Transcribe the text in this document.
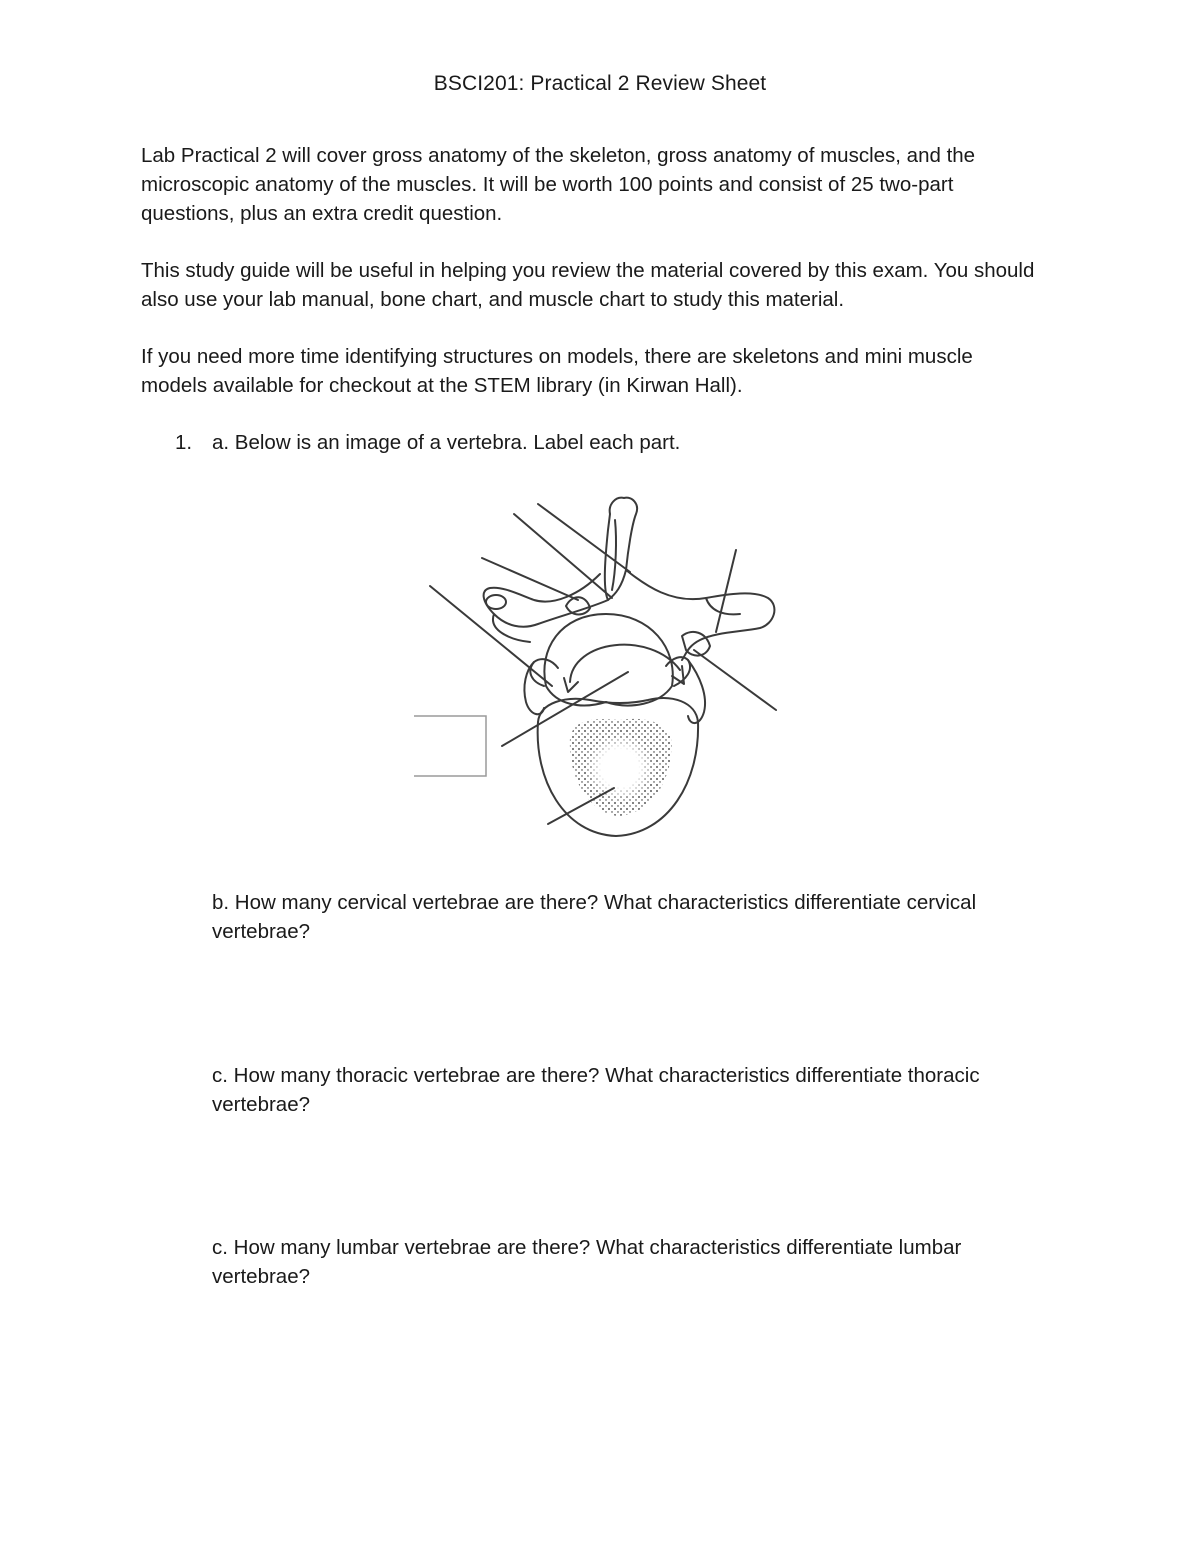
BSCI201: Practical 2 Review Sheet
Lab Practical 2 will cover gross anatomy of the skeleton, gross anatomy of muscles, and the microscopic anatomy of the muscles. It will be worth 100 points and consist of 25 two-part questions, plus an extra credit question.
This study guide will be useful in helping you review the material covered by this exam. You should also use your lab manual, bone chart, and muscle chart to study this material.
If you need more time identifying structures on models, there are skeletons and mini muscle models available for checkout at the STEM library (in Kirwan Hall).
1. a. Below is an image of a vertebra. Label each part.
b. How many cervical vertebrae are there? What characteristics differentiate cervical vertebrae?
c. How many thoracic vertebrae are there? What characteristics differentiate thoracic vertebrae?
c. How many lumbar vertebrae are there? What characteristics differentiate lumbar vertebrae?
